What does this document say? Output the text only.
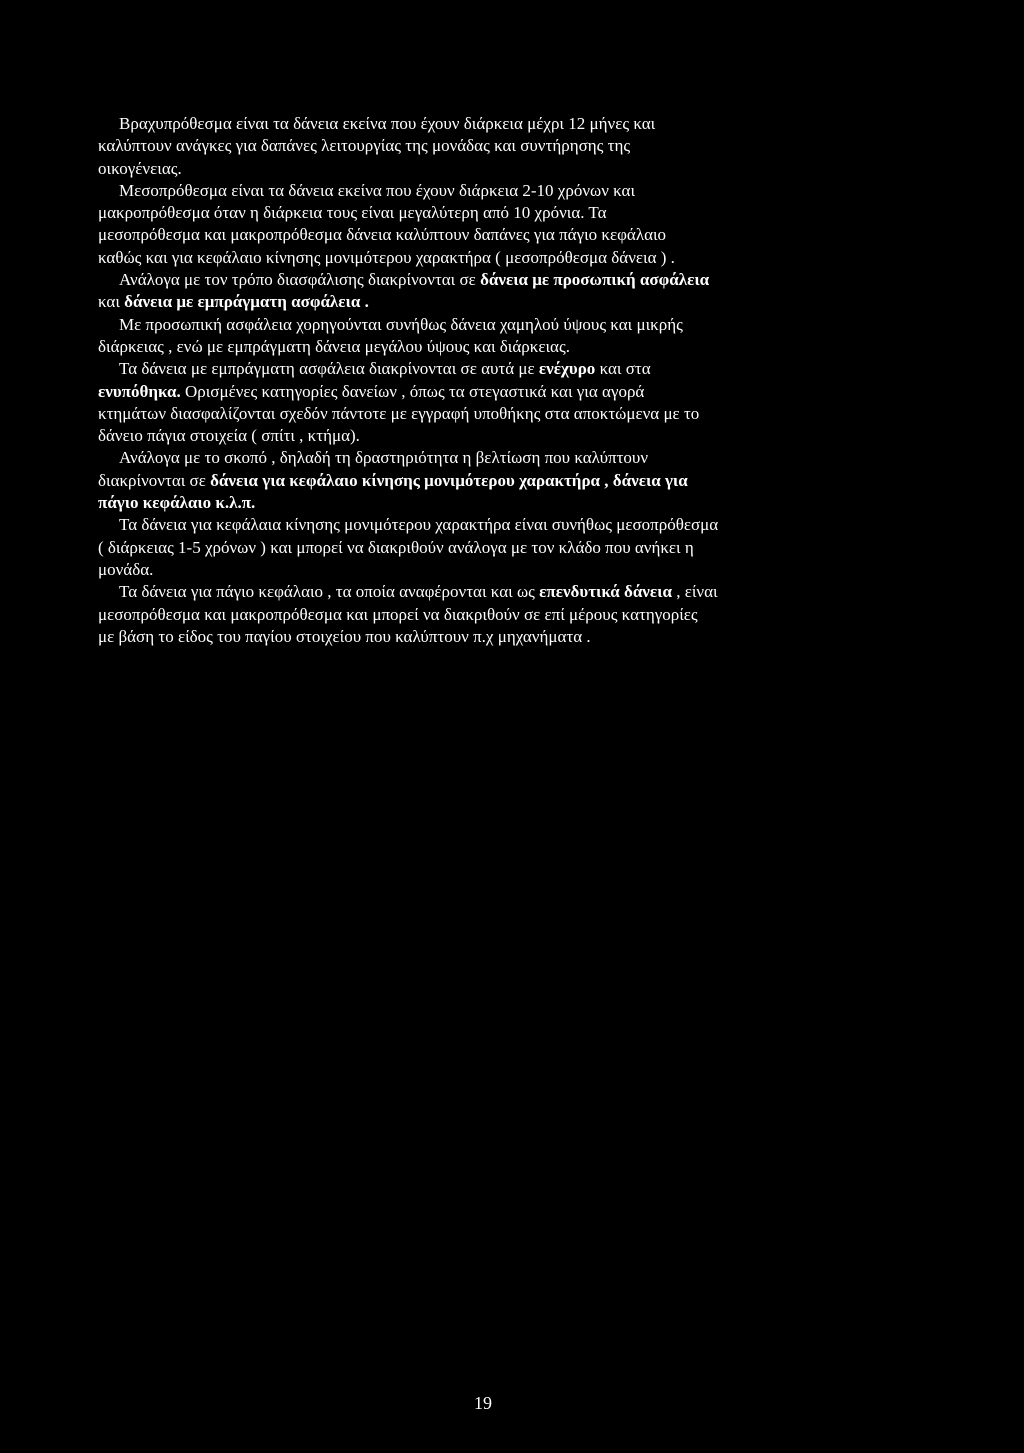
Βραχυπρόθεσμα είναι τα δάνεια εκείνα που έχουν διάρκεια μέχρι 12 μήνες και
καλύπτουν ανάγκες για δαπάνες λειτουργίας της μονάδας και συντήρησης της
οικογένειας.
Μεσοπρόθεσμα είναι τα δάνεια εκείνα που έχουν διάρκεια 2-10 χρόνων και
μακροπρόθεσμα όταν η διάρκεια τους είναι μεγαλύτερη από 10 χρόνια. Τα
μεσοπρόθεσμα και μακροπρόθεσμα δάνεια καλύπτουν δαπάνες για πάγιο κεφάλαιο
καθώς και για κεφάλαιο κίνησης μονιμότερου χαρακτήρα ( μεσοπρόθεσμα δάνεια ) .
Ανάλογα με τον τρόπο διασφάλισης διακρίνονται σε δάνεια με προσωπική ασφάλεια
και δάνεια με εμπράγματη ασφάλεια .
Με προσωπική ασφάλεια χορηγούνται συνήθως δάνεια χαμηλού ύψους και μικρής
διάρκειας , ενώ με εμπράγματη δάνεια μεγάλου ύψους και διάρκειας.
Τα δάνεια με εμπράγματη ασφάλεια διακρίνονται σε αυτά με ενέχυρο και στα
ενυπόθηκα. Ορισμένες κατηγορίες δανείων , όπως τα στεγαστικά και για αγορά
κτημάτων διασφαλίζονται σχεδόν πάντοτε με εγγραφή υποθήκης στα αποκτώμενα με το
δάνειο πάγια στοιχεία ( σπίτι , κτήμα).
Ανάλογα με το σκοπό , δηλαδή τη δραστηριότητα η βελτίωση που καλύπτουν
διακρίνονται σε δάνεια για κεφάλαιο κίνησης μονιμότερου χαρακτήρα , δάνεια για
πάγιο κεφάλαιο κ.λ.π.
Τα δάνεια για κεφάλαια κίνησης μονιμότερου χαρακτήρα είναι συνήθως μεσοπρόθεσμα
( διάρκειας 1-5 χρόνων ) και μπορεί να διακριθούν ανάλογα με τον κλάδο που ανήκει η
μονάδα.
Τα δάνεια για πάγιο κεφάλαιο , τα οποία αναφέρονται και ως επενδυτικά δάνεια , είναι
μεσοπρόθεσμα και μακροπρόθεσμα και μπορεί να διακριθούν σε επί μέρους κατηγορίες
με βάση το είδος του παγίου στοιχείου που καλύπτουν π.χ μηχανήματα .
19
